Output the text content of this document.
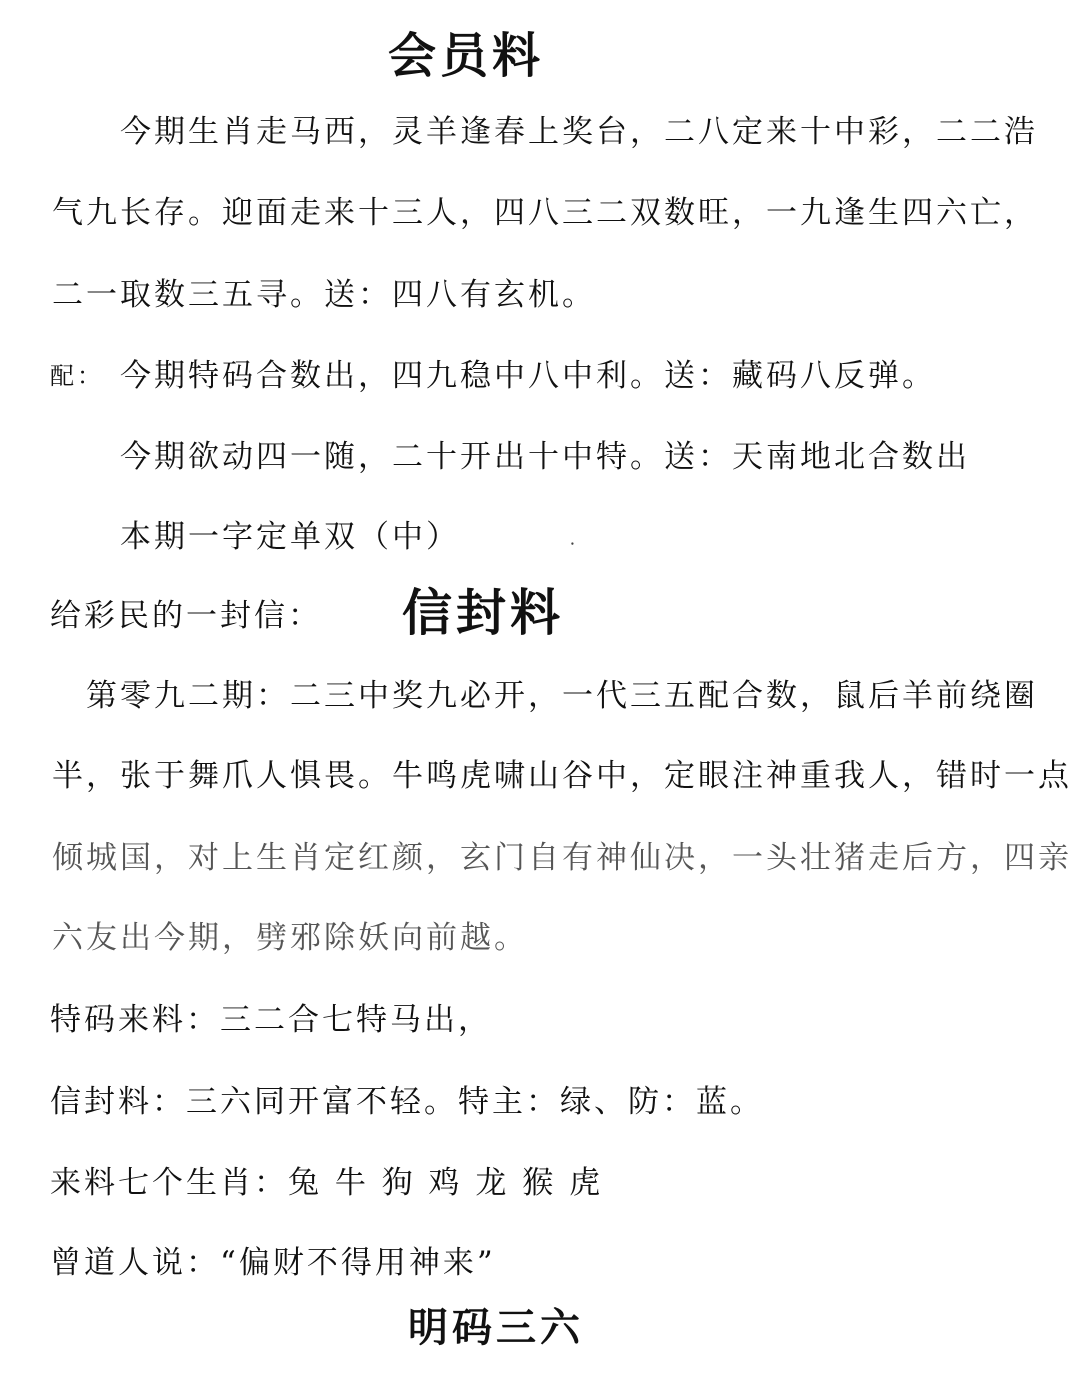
会员料
今期生肖走马西，灵羊逢春上奖台，二八定来十中彩，二二浩
气九长存。迎面走来十三人，四八三二双数旺，一九逢生四六亡，
二一取数三五寻。送：四八有玄机。
配： 今期特码合数出，四九稳中八中利。送：藏码八反弹。
今期欲动四一随，二十开出十中特。送：天南地北合数出
本期一字定单双（中）	⸱
给彩民的一封信： 信封料
第零九二期：二三中奖九必开，一代三五配合数，鼠后羊前绕圈
半，张于舞爪人惧畏。牛鸣虎啸山谷中，定眼注神重我人，错时一点
倾城国，对上生肖定红颜，玄门自有神仙决，一头壮猪走后方，四亲
六友出今期，劈邪除妖向前越。
特码来料：三二合七特马出，
信封料：三六同开富不轻。特主：绿、防：蓝。
来料七个生肖：兔 牛 狗 鸡 龙 猴 虎
曾道人说：“偏财不得用神来”
明码三六
